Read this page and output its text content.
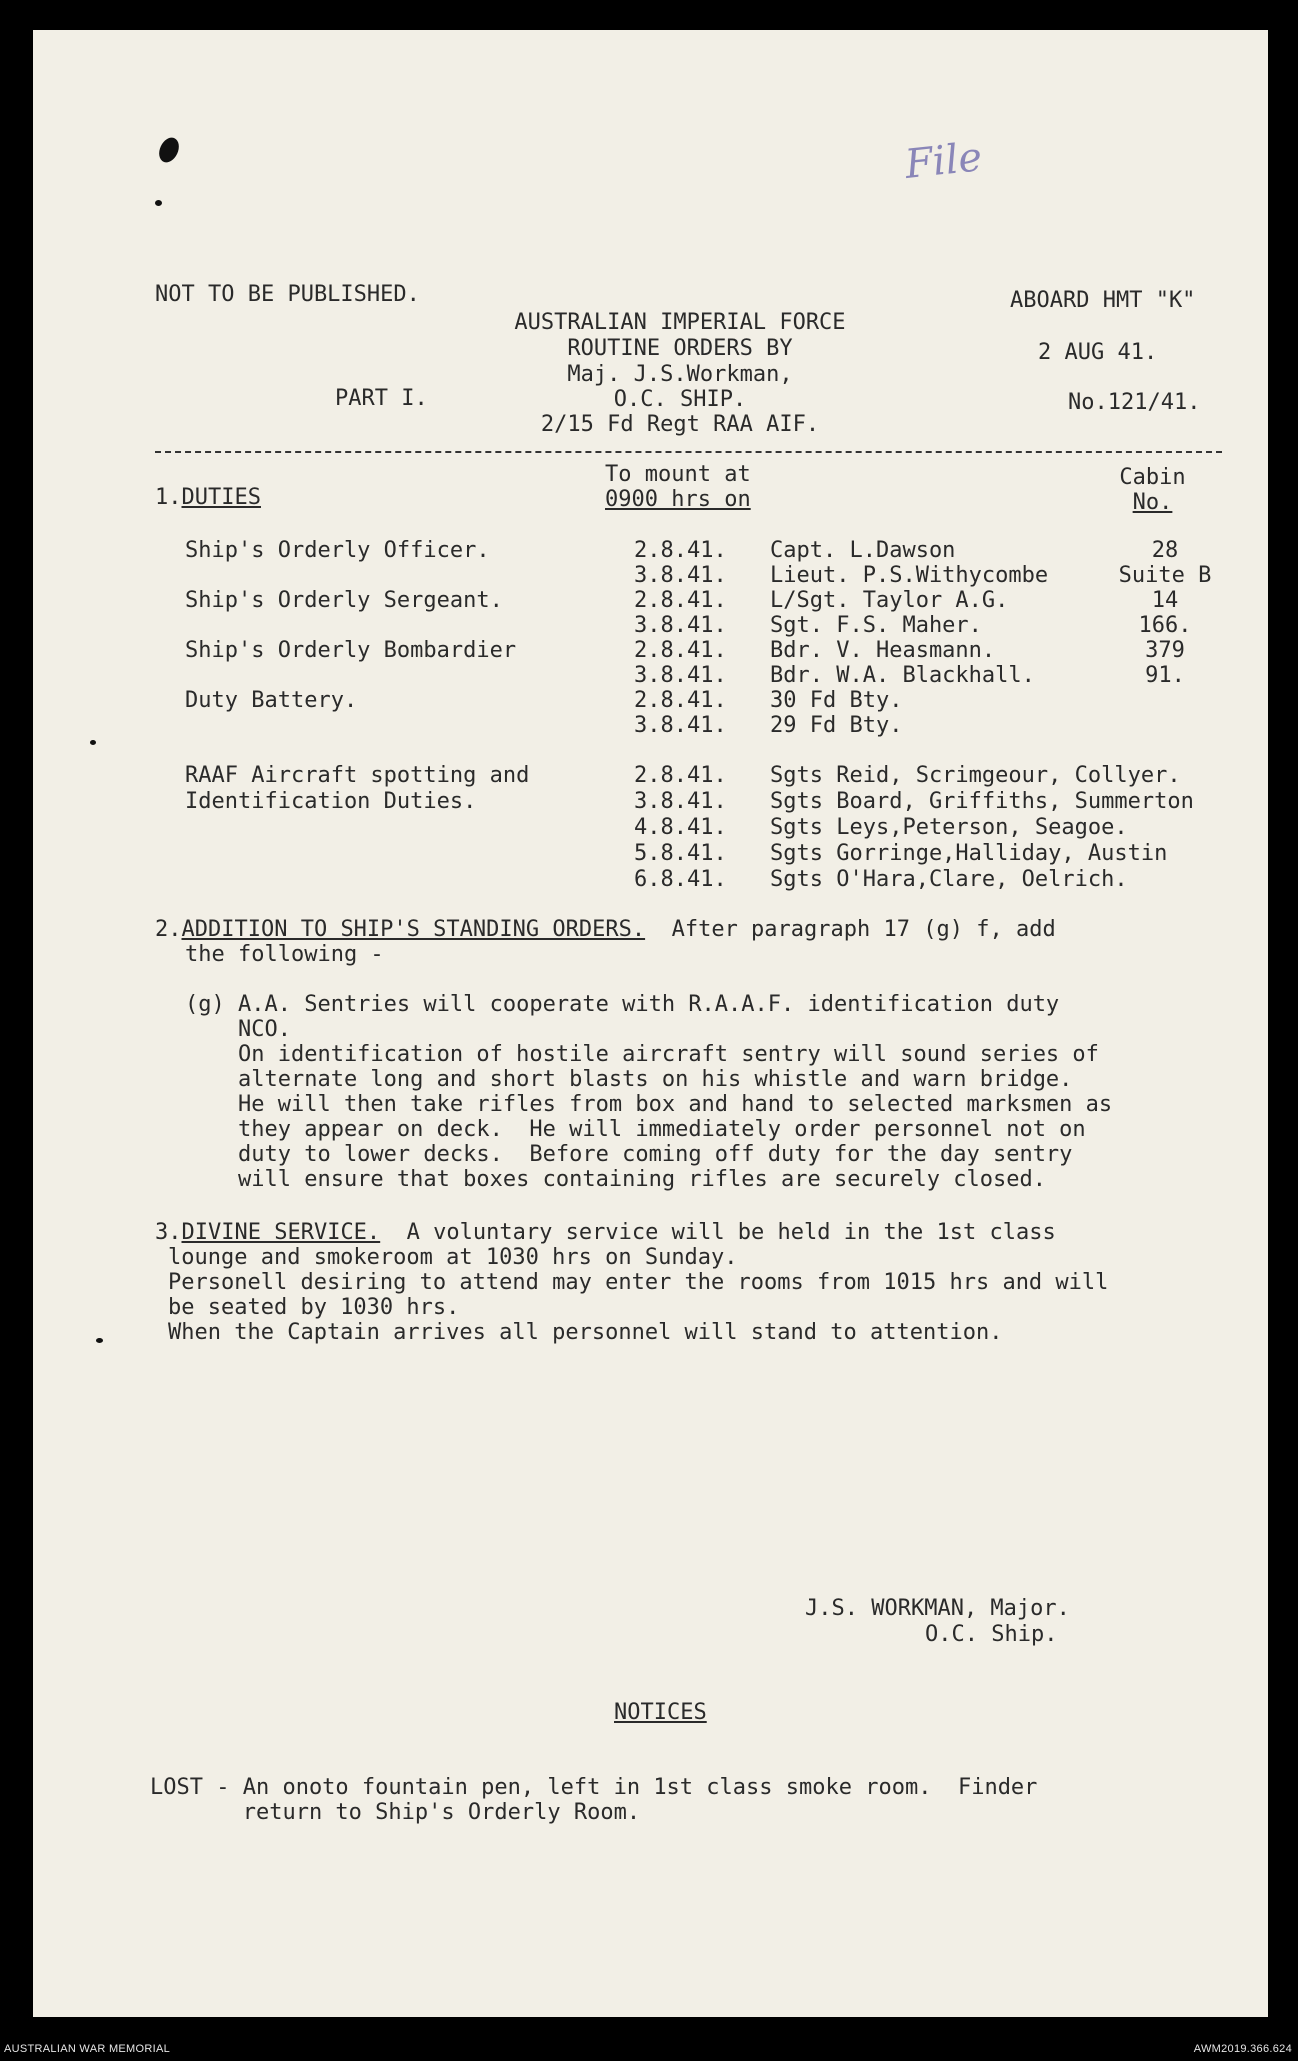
File
NOT TO BE PUBLISHED.	ABOARD HMT "K"
AUSTRALIAN IMPERIAL FORCE
ROUTINE ORDERS BY	2 AUG 41.
Maj. J.S.Workman,
PART I.	O.C. SHIP.	No.121/41.
2/15 Fd Regt RAA AIF.
1.DUTIES
To mount at
0900 hrs on
Cabin
No.
Ship's Orderly Officer.	2.8.41. Capt. L.Dawson	28
3.8.41. Lieut. P.S.Withycombe	Suite B
Ship's Orderly Sergeant.	2.8.41. L/Sgt. Taylor A.G.	14
3.8.41. Sgt. F.S. Maher.	166.
Ship's Orderly Bombardier	2.8.41. Bdr. V. Heasmann.	379
3.8.41. Bdr. W.A. Blackhall.	91.
Duty Battery.	2.8.41. 30 Fd Bty.
3.8.41. 29 Fd Bty.
RAAF Aircraft spotting and
Identification Duties.
2.8.41. Sgts Reid, Scrimgeour, Collyer.
3.8.41. Sgts Board, Griffiths, Summerton
4.8.41. Sgts Leys,Peterson, Seagoe.
5.8.41. Sgts Gorringe,Halliday, Austin
6.8.41. Sgts O'Hara,Clare, Oelrich.
2.ADDITION TO SHIP'S STANDING ORDERS.  After paragraph 17 (g) f, add
the following -
(g) A.A. Sentries will cooperate with R.A.A.F. identification duty
NCO.
On identification of hostile aircraft sentry will sound series of
alternate long and short blasts on his whistle and warn bridge.
He will then take rifles from box and hand to selected marksmen as
they appear on deck.  He will immediately order personnel not on
duty to lower decks.  Before coming off duty for the day sentry
will ensure that boxes containing rifles are securely closed.
3.DIVINE SERVICE.  A voluntary service will be held in the 1st class
lounge and smokeroom at 1030 hrs on Sunday.
Personell desiring to attend may enter the rooms from 1015 hrs and will
be seated by 1030 hrs.
When the Captain arrives all personnel will stand to attention.
J.S. WORKMAN, Major.
O.C. Ship.
NOTICES
LOST - An onoto fountain pen, left in 1st class smoke room.  Finder
return to Ship's Orderly Room.
AUSTRALIAN WAR MEMORIAL	AWM2019.366.624
